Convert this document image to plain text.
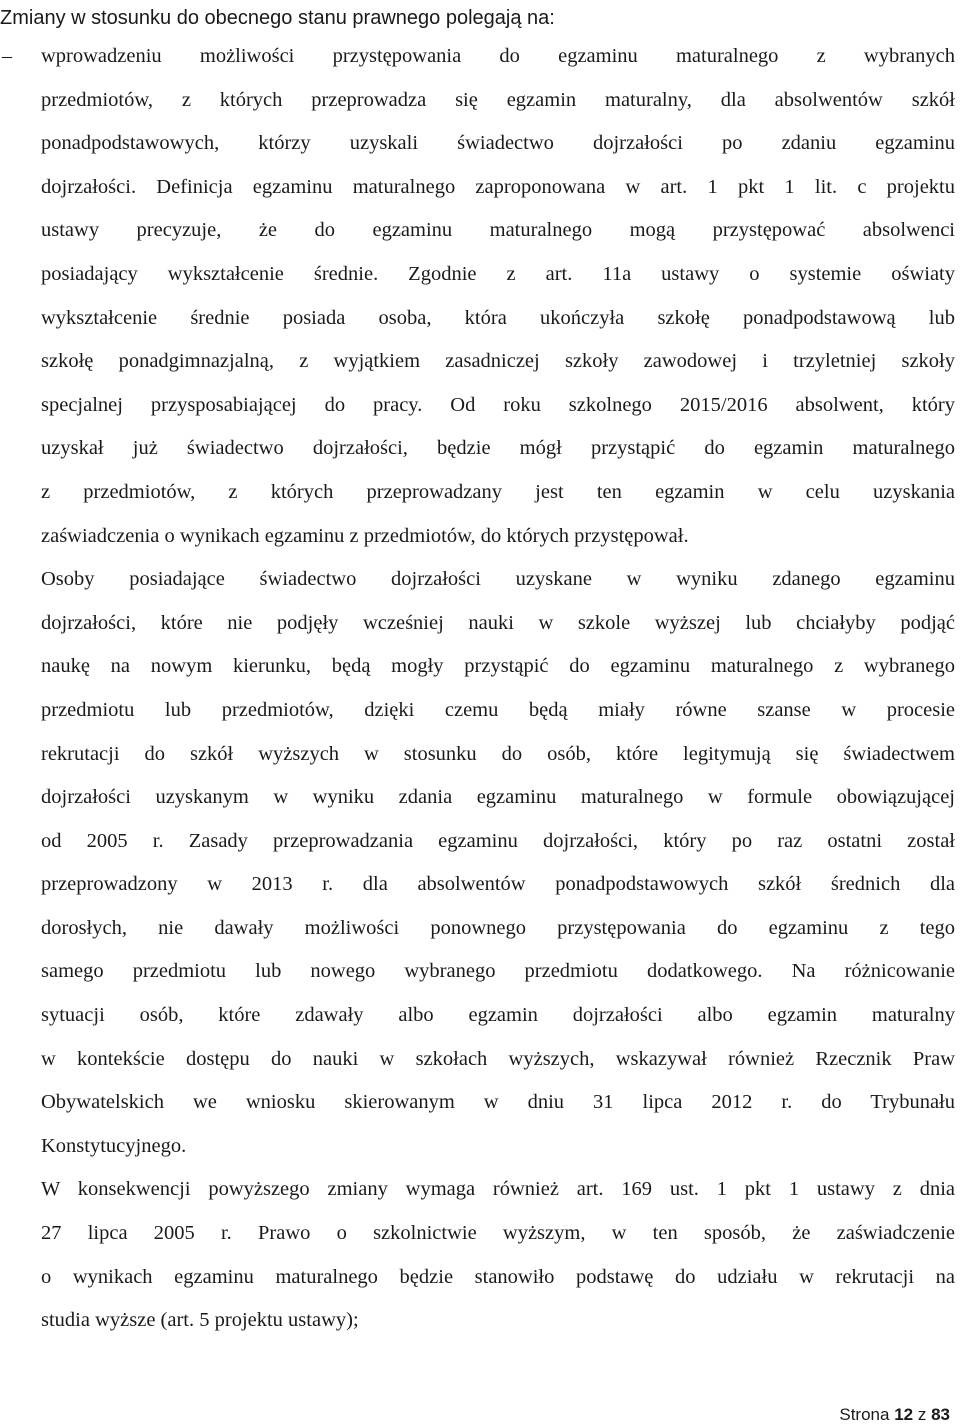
Zmiany w stosunku do obecnego stanu prawnego polegają na:
–	wprowadzeniu możliwości przystępowania do egzaminu maturalnego z wybranych
przedmiotów, z których przeprowadza się egzamin maturalny, dla absolwentów szkół
ponadpodstawowych, którzy uzyskali świadectwo dojrzałości po zdaniu egzaminu
dojrzałości. Definicja egzaminu maturalnego zaproponowana w art. 1 pkt 1 lit. c projektu
ustawy precyzuje, że do egzaminu maturalnego mogą przystępować absolwenci
posiadający wykształcenie średnie. Zgodnie z art. 11a ustawy o systemie oświaty
wykształcenie średnie posiada osoba, która ukończyła szkołę ponadpodstawową lub
szkołę ponadgimnazjalną, z wyjątkiem zasadniczej szkoły zawodowej i trzyletniej szkoły
specjalnej przysposabiającej do pracy. Od roku szkolnego 2015/2016 absolwent, który
uzyskał już świadectwo dojrzałości, będzie mógł przystąpić do egzamin maturalnego
z przedmiotów, z których przeprowadzany jest ten egzamin w celu uzyskania
zaświadczenia o wynikach egzaminu z przedmiotów, do których przystępował.
Osoby posiadające świadectwo dojrzałości uzyskane w wyniku zdanego egzaminu
dojrzałości, które nie podjęły wcześniej nauki w szkole wyższej lub chciałyby podjąć
naukę na nowym kierunku, będą mogły przystąpić do egzaminu maturalnego z wybranego
przedmiotu lub przedmiotów, dzięki czemu będą miały równe szanse w procesie
rekrutacji do szkół wyższych w stosunku do osób, które legitymują się świadectwem
dojrzałości uzyskanym w wyniku zdania egzaminu maturalnego w formule obowiązującej
od 2005 r. Zasady przeprowadzania egzaminu dojrzałości, który po raz ostatni został
przeprowadzony w 2013 r. dla absolwentów ponadpodstawowych szkół średnich dla
dorosłych, nie dawały możliwości ponownego przystępowania do egzaminu z tego
samego przedmiotu lub nowego wybranego przedmiotu dodatkowego. Na różnicowanie
sytuacji osób, które zdawały albo egzamin dojrzałości albo egzamin maturalny
w kontekście dostępu do nauki w szkołach wyższych, wskazywał również Rzecznik Praw
Obywatelskich we wniosku skierowanym w dniu 31 lipca 2012 r. do Trybunału
Konstytucyjnego.
W konsekwencji powyższego zmiany wymaga również art. 169 ust. 1 pkt 1 ustawy z dnia
27 lipca 2005 r. Prawo o szkolnictwie wyższym, w ten sposób, że zaświadczenie
o wynikach egzaminu maturalnego będzie stanowiło podstawę do udziału w rekrutacji na
studia wyższe (art. 5 projektu ustawy);
Strona 12 z 83
